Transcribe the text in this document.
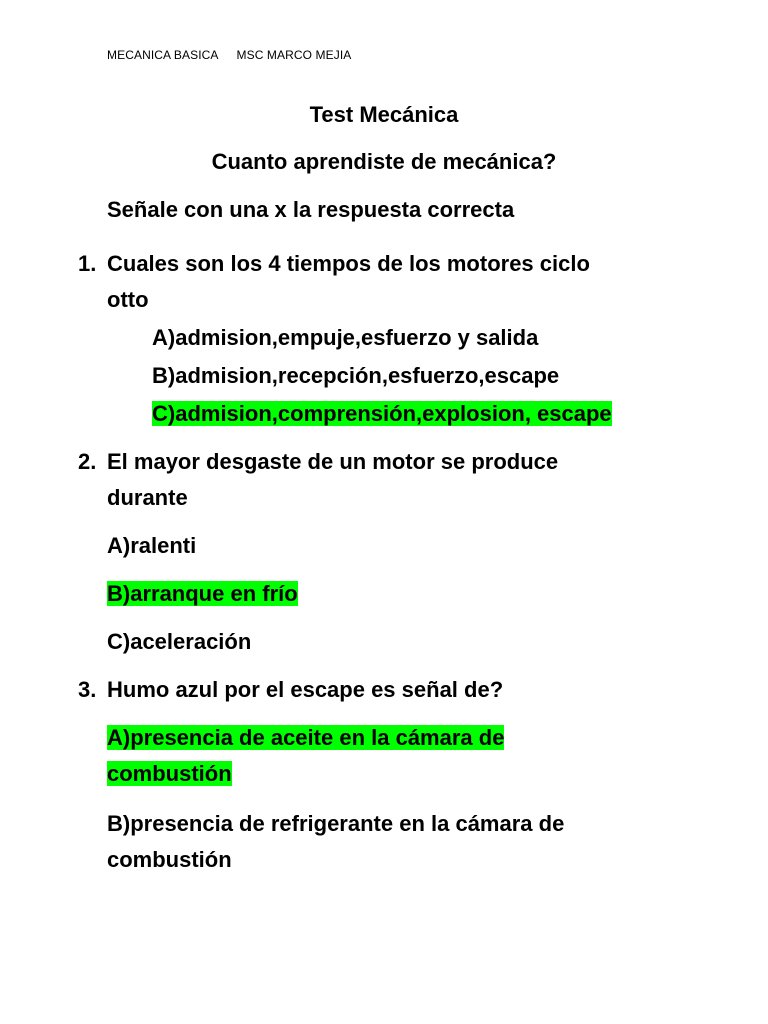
MECANICA BASICA MSC MARCO MEJIA
Test Mecánica
Cuanto aprendiste de mecánica?
Señale con una x la respuesta correcta
1. Cuales son los 4 tiempos de los motores ciclo
otto
A)admision,empuje,esfuerzo y salida
B)admision,recepción,esfuerzo,escape
C)admision,comprensión,explosion, escape
2. El mayor desgaste de un motor se produce
durante
A)ralenti
B)arranque en frío
C)aceleración
3. Humo azul por el escape es señal de?
A)presencia de aceite en la cámara de
combustión
B)presencia de refrigerante en la cámara de
combustión
